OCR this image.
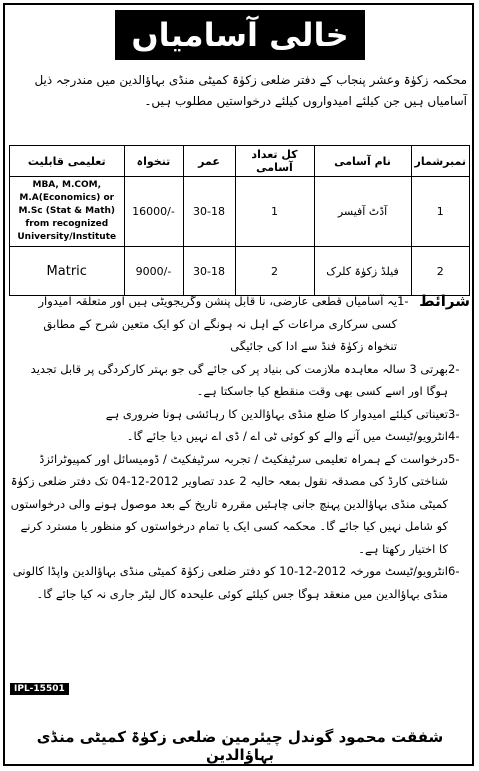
خالی آسامیاں
محکمہ زکوٰۃ وعشر پنجاب کے دفتر ضلعی زکوٰۃ کمیٹی منڈی بہاؤالدین میں مندرجہ ذیل آسامیاں ہیں جن کیلئے امیدواروں کیلئے درخواستیں مطلوب ہیں۔
نمبرشمار	نام آسامی	کل تعداد آسامی	عمر	تنخواہ	تعلیمی قابلیت
1	آڈٹ آفیسر	1	30-18	16000/-	MBA, M.COM, M.A(Economics) or M.Sc (Stat & Math) from recognized University/Institute
2	فیلڈ زکوٰۃ کلرک	2	30-18	9000/-	Matric
شرائط
1-
یہ آسامیاں قطعی عارضی، نا قابل پنشن وگریجویٹی ہیں اور متعلقہ امیدوار کسی سرکاری مراعات کے اہل نہ ہونگے ان کو ایک متعین شرح کے مطابق تنخواہ زکوٰۃ فنڈ سے ادا کی جائیگی
2-
بھرتی 3 سالہ معاہدہ ملازمت کی بنیاد پر کی جائے گی جو بہتر کارکردگی پر قابل تجدید ہوگا اور اسے کسی بھی وقت منقطع کیا جاسکتا ہے۔
3-
تعیناتی کیلئے امیدوار کا ضلع منڈی بہاؤالدین کا رہائشی ہونا ضروری ہے
4-
انٹرویو/ٹیسٹ میں آنے والے کو کوئی ٹی اے / ڈی اے نہیں دیا جائے گا۔
5-
درخواست کے ہمراہ تعلیمی سرٹیفکیٹ / تجربہ سرٹیفکیٹ / ڈومیسائل اور کمپیوٹرائزڈ شناختی کارڈ کی مصدقہ نقول بمعہ حالیہ 2 عدد تصاویر 2012-12-04 تک دفتر ضلعی زکوٰۃ کمیٹی منڈی بہاؤالدین پہنچ جانی چاہئیں مقررہ تاریخ کے بعد موصول ہونے والی درخواستوں کو شامل نہیں کیا جائے گا۔ محکمہ کسی ایک یا تمام درخواستوں کو منظور یا مسترد کرنے کا اختیار رکھتا ہے۔
6-
انٹرویو/ٹیسٹ مورخہ 2012-12-10 کو دفتر ضلعی زکوٰۃ کمیٹی منڈی بہاؤالدین واپڈا کالونی منڈی بہاؤالدین میں منعقد ہوگا جس کیلئے کوئی علیحدہ کال لیٹر جاری نہ کیا جائے گا۔
IPL-15501
شفقت محمود گوندل چیئرمین ضلعی زکوٰۃ کمیٹی منڈی بہاؤالدین
